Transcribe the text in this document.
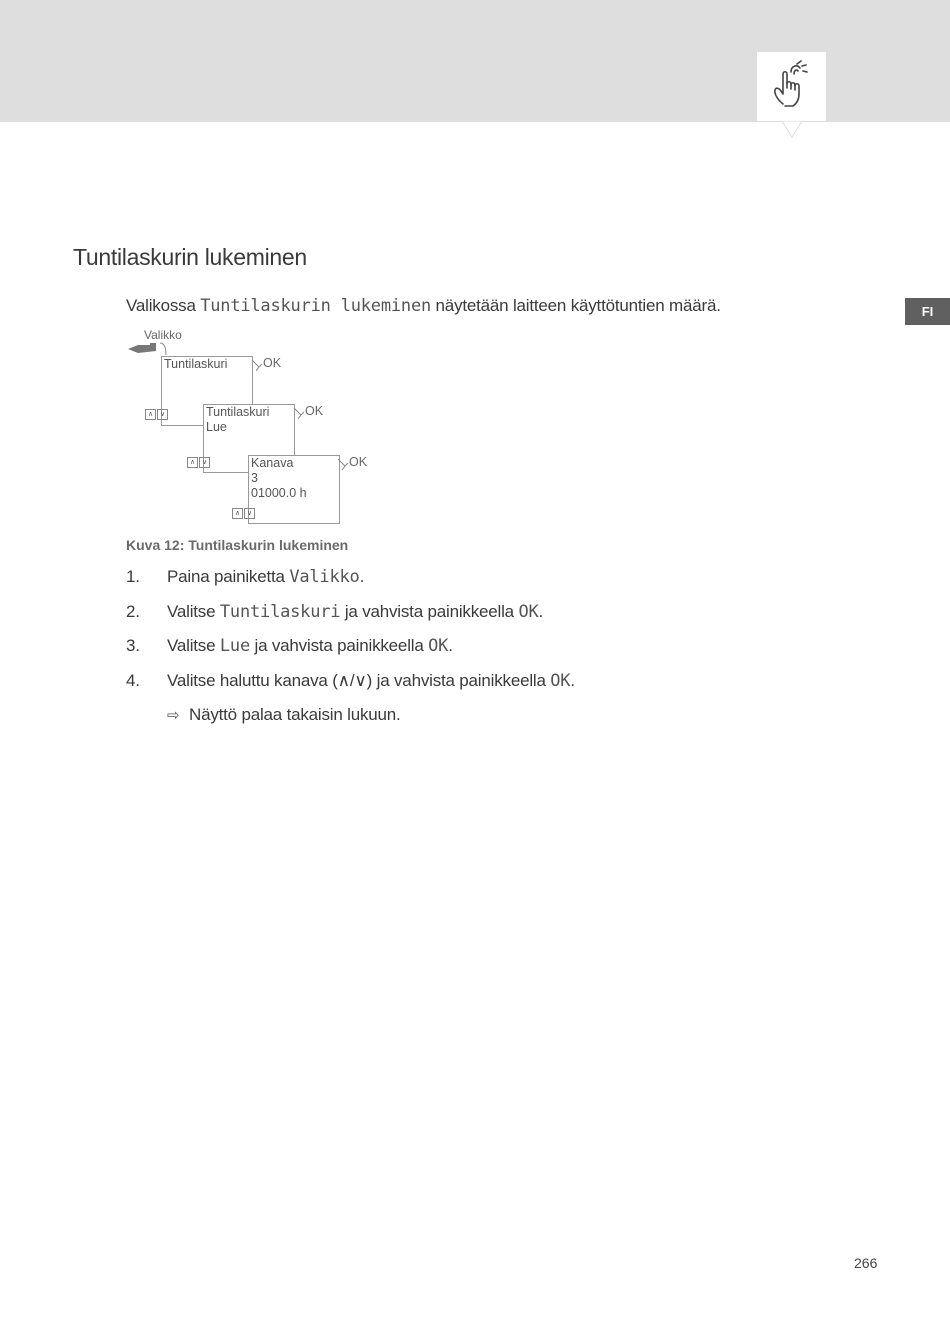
FI
Tuntilaskurin lukeminen
Valikossa Tuntilaskurin lukeminen näytetään laitteen käyttötuntien määrä.
Valikko
Tuntilaskuri	OK
∧ ∨	Tuntilaskuri
Lue
OK
∧ ∨	Kanava
3
01000.0 h
OK
∧ ∨
Kuva 12: Tuntilaskurin lukeminen
1.	Paina painiketta Valikko.
2.	Valitse Tuntilaskuri ja vahvista painikkeella OK.
3.	Valitse Lue ja vahvista painikkeella OK.
4.	Valitse haluttu kanava (∧/∨) ja vahvista painikkeella OK.
⇨ Näyttö palaa takaisin lukuun.
266
